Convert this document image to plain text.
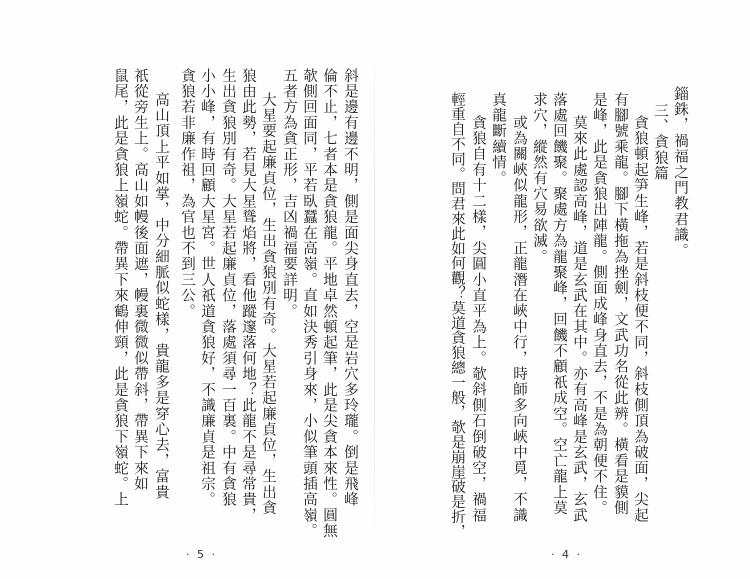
錙銖，禍福之門教君識。
三、貪狼篇
貪狼頓起笋生峰，若是斜枝便不同，斜枝側頂為破面，尖起
有腳號乘龍。腳下橫拖為挫劍，文武功名從此辨。橫看是貘側
是峰，此是貪狼出陣龍。側面成峰身直去，不是為朝便不住。
莫來此處認高峰，道是玄武在其中。亦有高峰是玄武，玄武
落處回饑聚。聚處方為龍聚峰，回饑不顧祇成空。空亡龍上莫
求穴，縱然有穴易欲滅。
或為關峽似龍形，正龍潛在峽中行，時師多向峽中覓，不識
真龍斷續情。
貪狼自有十二樣，尖圓小直平為上。欹斜側石倒破空，禍福
輕重自不同。問君來此如何觀？莫道貪狼總一般，欹是崩崖破是折，
· 4 ·
斜是邊有邊不明，側是面尖身直去，空是岩穴多玲瓏。倒是飛峰
倫不止，七者本是貪狼龍。平地卓然頓起筆，此是尖貪本來性。圓無
欹側回面同，平若臥蠶在高嶺。直如決秀引身來，小似筆頭插高嶺。
五者方為貪正形，吉凶禍福要詳明。
大星要起廉貞位，生出貪狼別有奇。大星若起廉貞位，生出貪
狼由此勢，若見大星聳焰將，看他蹤邃落何地？此龍不是尋常貴，
生出貪狼別有奇。大星若起廉貞位，落處須尋一百裏。中有貪狼
小小峰，有時回顧大星宮。世人祇道貪狼好，不識廉貞是祖宗。
貪狼若非廉作祖，為官也不到三公。
高山頂上平如掌，中分細脈似蛇樣，貴龍多是穿心去，富貴
祇從旁生上。高山如幔後面遮，幔裏微微似帶斜，帶異下來如
鼠尾，此是貪狼上嶺蛇。帶異下來鶴伸頸，此是貪狼下嶺蛇。上
· 5 ·
